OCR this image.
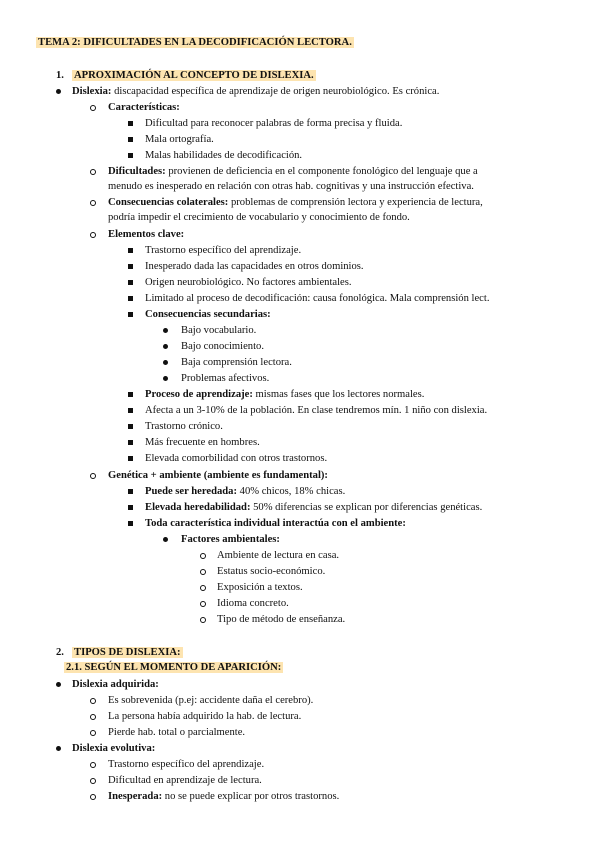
TEMA 2: DIFICULTADES EN LA DECODIFICACIÓN LECTORA.
1. APROXIMACIÓN AL CONCEPTO DE DISLEXIA.
Dislexia: discapacidad específica de aprendizaje de origen neurobiológico. Es crónica.
Características:
Dificultad para reconocer palabras de forma precisa y fluida.
Mala ortografía.
Malas habilidades de decodificación.
Dificultades: provienen de deficiencia en el componente fonológico del lenguaje que a
menudo es inesperado en relación con otras hab. cognitivas y una instrucción efectiva.
Consecuencias colaterales: problemas de comprensión lectora y experiencia de lectura,
podría impedir el crecimiento de vocabulario y conocimiento de fondo.
Elementos clave:
Trastorno específico del aprendizaje.
Inesperado dada las capacidades en otros dominios.
Origen neurobiológico. No factores ambientales.
Limitado al proceso de decodificación: causa fonológica. Mala comprensión lect.
Consecuencias secundarias:
Bajo vocabulario.
Bajo conocimiento.
Baja comprensión lectora.
Problemas afectivos.
Proceso de aprendizaje: mismas fases que los lectores normales.
Afecta a un 3-10% de la población. En clase tendremos mín. 1 niño con dislexia.
Trastorno crónico.
Más frecuente en hombres.
Elevada comorbilidad con otros trastornos.
Genética + ambiente (ambiente es fundamental):
Puede ser heredada: 40% chicos, 18% chicas.
Elevada heredabilidad: 50% diferencias se explican por diferencias genéticas.
Toda característica individual interactúa con el ambiente:
Factores ambientales:
Ambiente de lectura en casa.
Estatus socio-económico.
Exposición a textos.
Idioma concreto.
Tipo de método de enseñanza.
2. TIPOS DE DISLEXIA:
2.1. SEGÚN EL MOMENTO DE APARICIÓN:
Dislexia adquirida:
Es sobrevenida (p.ej: accidente daña el cerebro).
La persona había adquirido la hab. de lectura.
Pierde hab. total o parcialmente.
Dislexia evolutiva:
Trastorno específico del aprendizaje.
Dificultad en aprendizaje de lectura.
Inesperada: no se puede explicar por otros trastornos.
